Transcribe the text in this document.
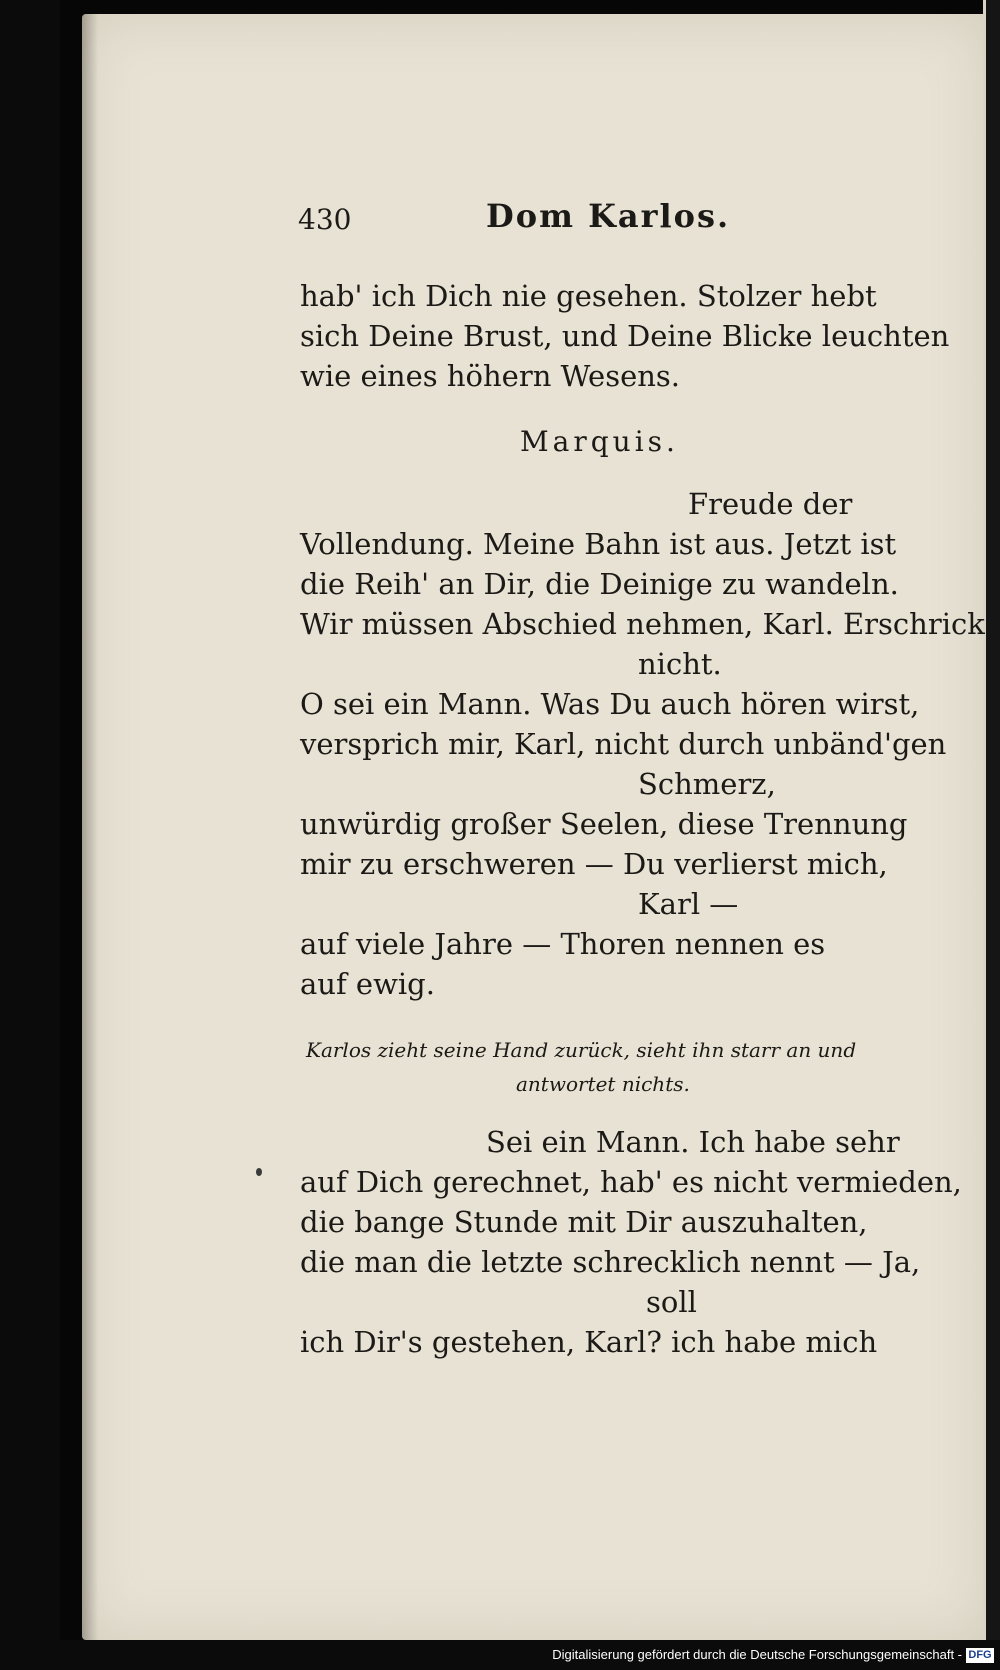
430	Dom Karlos.
hab' ich Dich nie gesehen. Stolzer hebt
sich Deine Brust, und Deine Blicke leuchten
wie eines höhern Wesens.
Marquis.
Freude der
Vollendung. Meine Bahn ist aus. Jetzt ist
die Reih' an Dir, die Deinige zu wandeln.
Wir müssen Abschied nehmen, Karl. Erschrick
nicht.
O sei ein Mann. Was Du auch hören wirst,
versprich mir, Karl, nicht durch unbänd'gen
Schmerz,
unwürdig großer Seelen, diese Trennung
mir zu erschweren — Du verlierst mich,
Karl —
auf viele Jahre — Thoren nennen es
auf ewig.
Karlos zieht seine Hand zurück, sieht ihn starr an und
antwortet nichts.
Sei ein Mann. Ich habe sehr
auf Dich gerechnet, hab' es nicht vermieden,
die bange Stunde mit Dir auszuhalten,
die man die letzte schrecklich nennt — Ja,
soll
ich Dir's gestehen, Karl? ich habe mich
Digitalisierung gefördert durch die Deutsche Forschungsgemeinschaft - DFG
